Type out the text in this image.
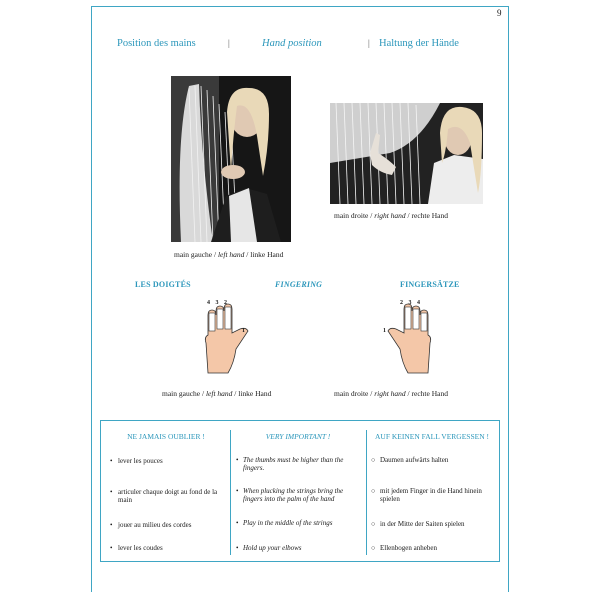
9
Position des mains	|	Hand position	| Haltung der Hände
main gauche / left hand / linke Hand
main droite / right hand / rechte Hand
LES DOIGTÉS	FINGERING	FINGERSÄTZE
4 3 2
1
main gauche / left hand / linke Hand
2 3 4
1
main droite / right hand / rechte Hand
NE JAMAIS OUBLIER !	VERY IMPORTANT !	AUF KEINEN FALL VERGESSEN !
• lever les pouces
• articuler chaque doigt au fond de la main
• jouer au milieu des cordes
• lever les coudes
• The thumbs must be higher than the fingers.
• When plucking the strings bring the fingers into the palm of the hand
• Play in the middle of the strings
• Hold up your elbows
○ Daumen aufwärts halten
○ mit jedem Finger in die Hand hinein spielen
○ in der Mitte der Saiten spielen
○ Ellenbogen anheben
